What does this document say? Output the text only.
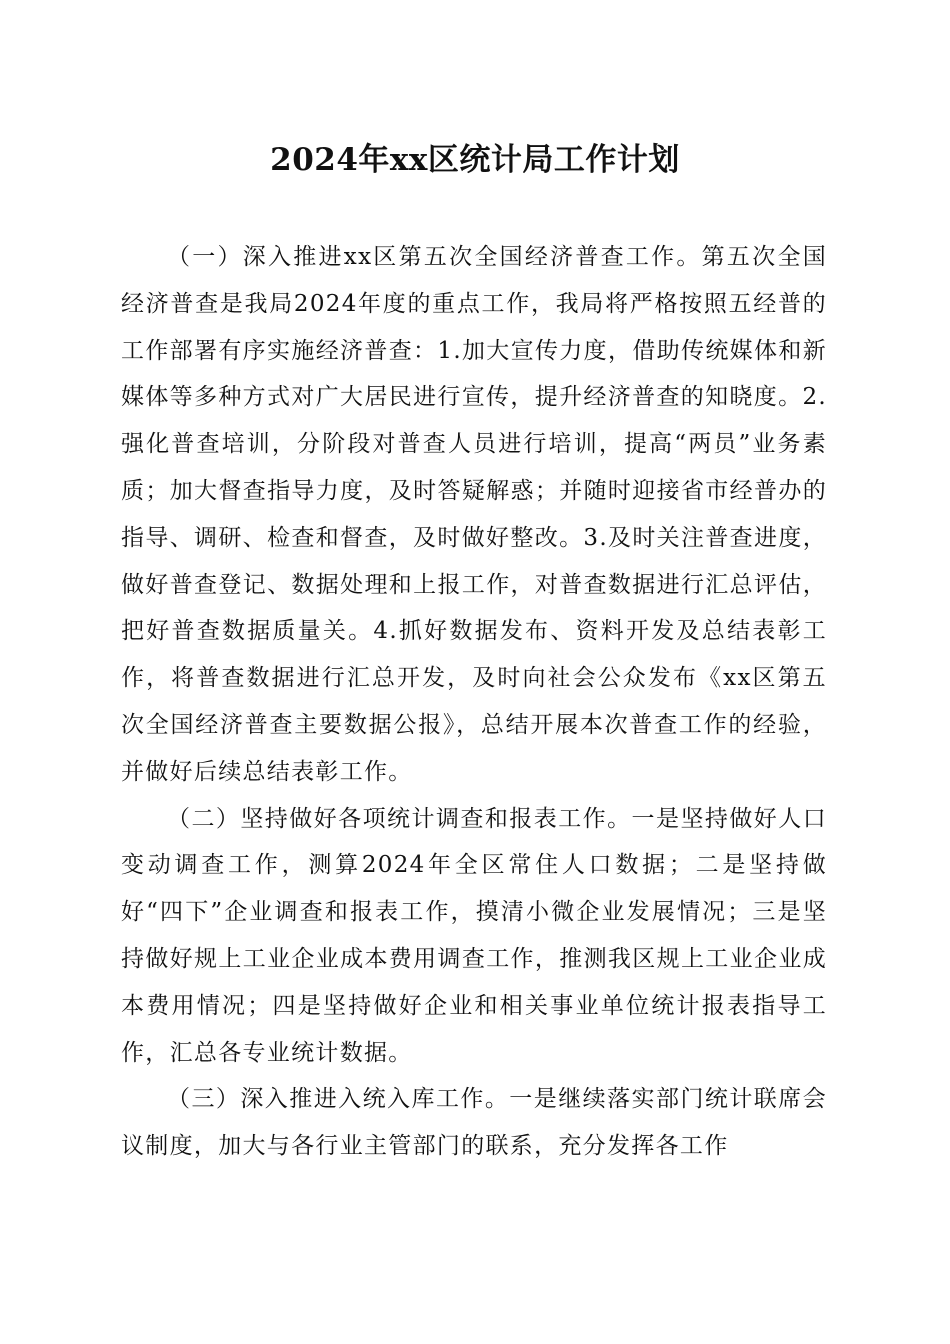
2024年xx区统计局工作计划

（一）深入推进xx区第五次全国经济普查工作。第五次全国经济普查是我局2024年度的重点工作，我局将严格按照五经普的工作部署有序实施经济普查：1.加大宣传力度，借助传统媒体和新媒体等多种方式对广大居民进行宣传，提升经济普查的知晓度。2.强化普查培训，分阶段对普查人员进行培训，提高“两员”业务素质；加大督查指导力度，及时答疑解惑；并随时迎接省市经普办的指导、调研、检查和督查，及时做好整改。3.及时关注普查进度，做好普查登记、数据处理和上报工作，对普查数据进行汇总评估，把好普查数据质量关。4.抓好数据发布、资料开发及总结表彰工作，将普查数据进行汇总开发，及时向社会公众发布《xx区第五次全国经济普查主要数据公报》，总结开展本次普查工作的经验，并做好后续总结表彰工作。

（二）坚持做好各项统计调查和报表工作。一是坚持做好人口变动调查工作，测算2024年全区常住人口数据；二是坚持做好“四下”企业调查和报表工作，摸清小微企业发展情况；三是坚持做好规上工业企业成本费用调查工作，推测我区规上工业企业成本费用情况；四是坚持做好企业和相关事业单位统计报表指导工作，汇总各专业统计数据。

（三）深入推进入统入库工作。一是继续落实部门统计联席会议制度，加大与各行业主管部门的联系，充分发挥各工作
